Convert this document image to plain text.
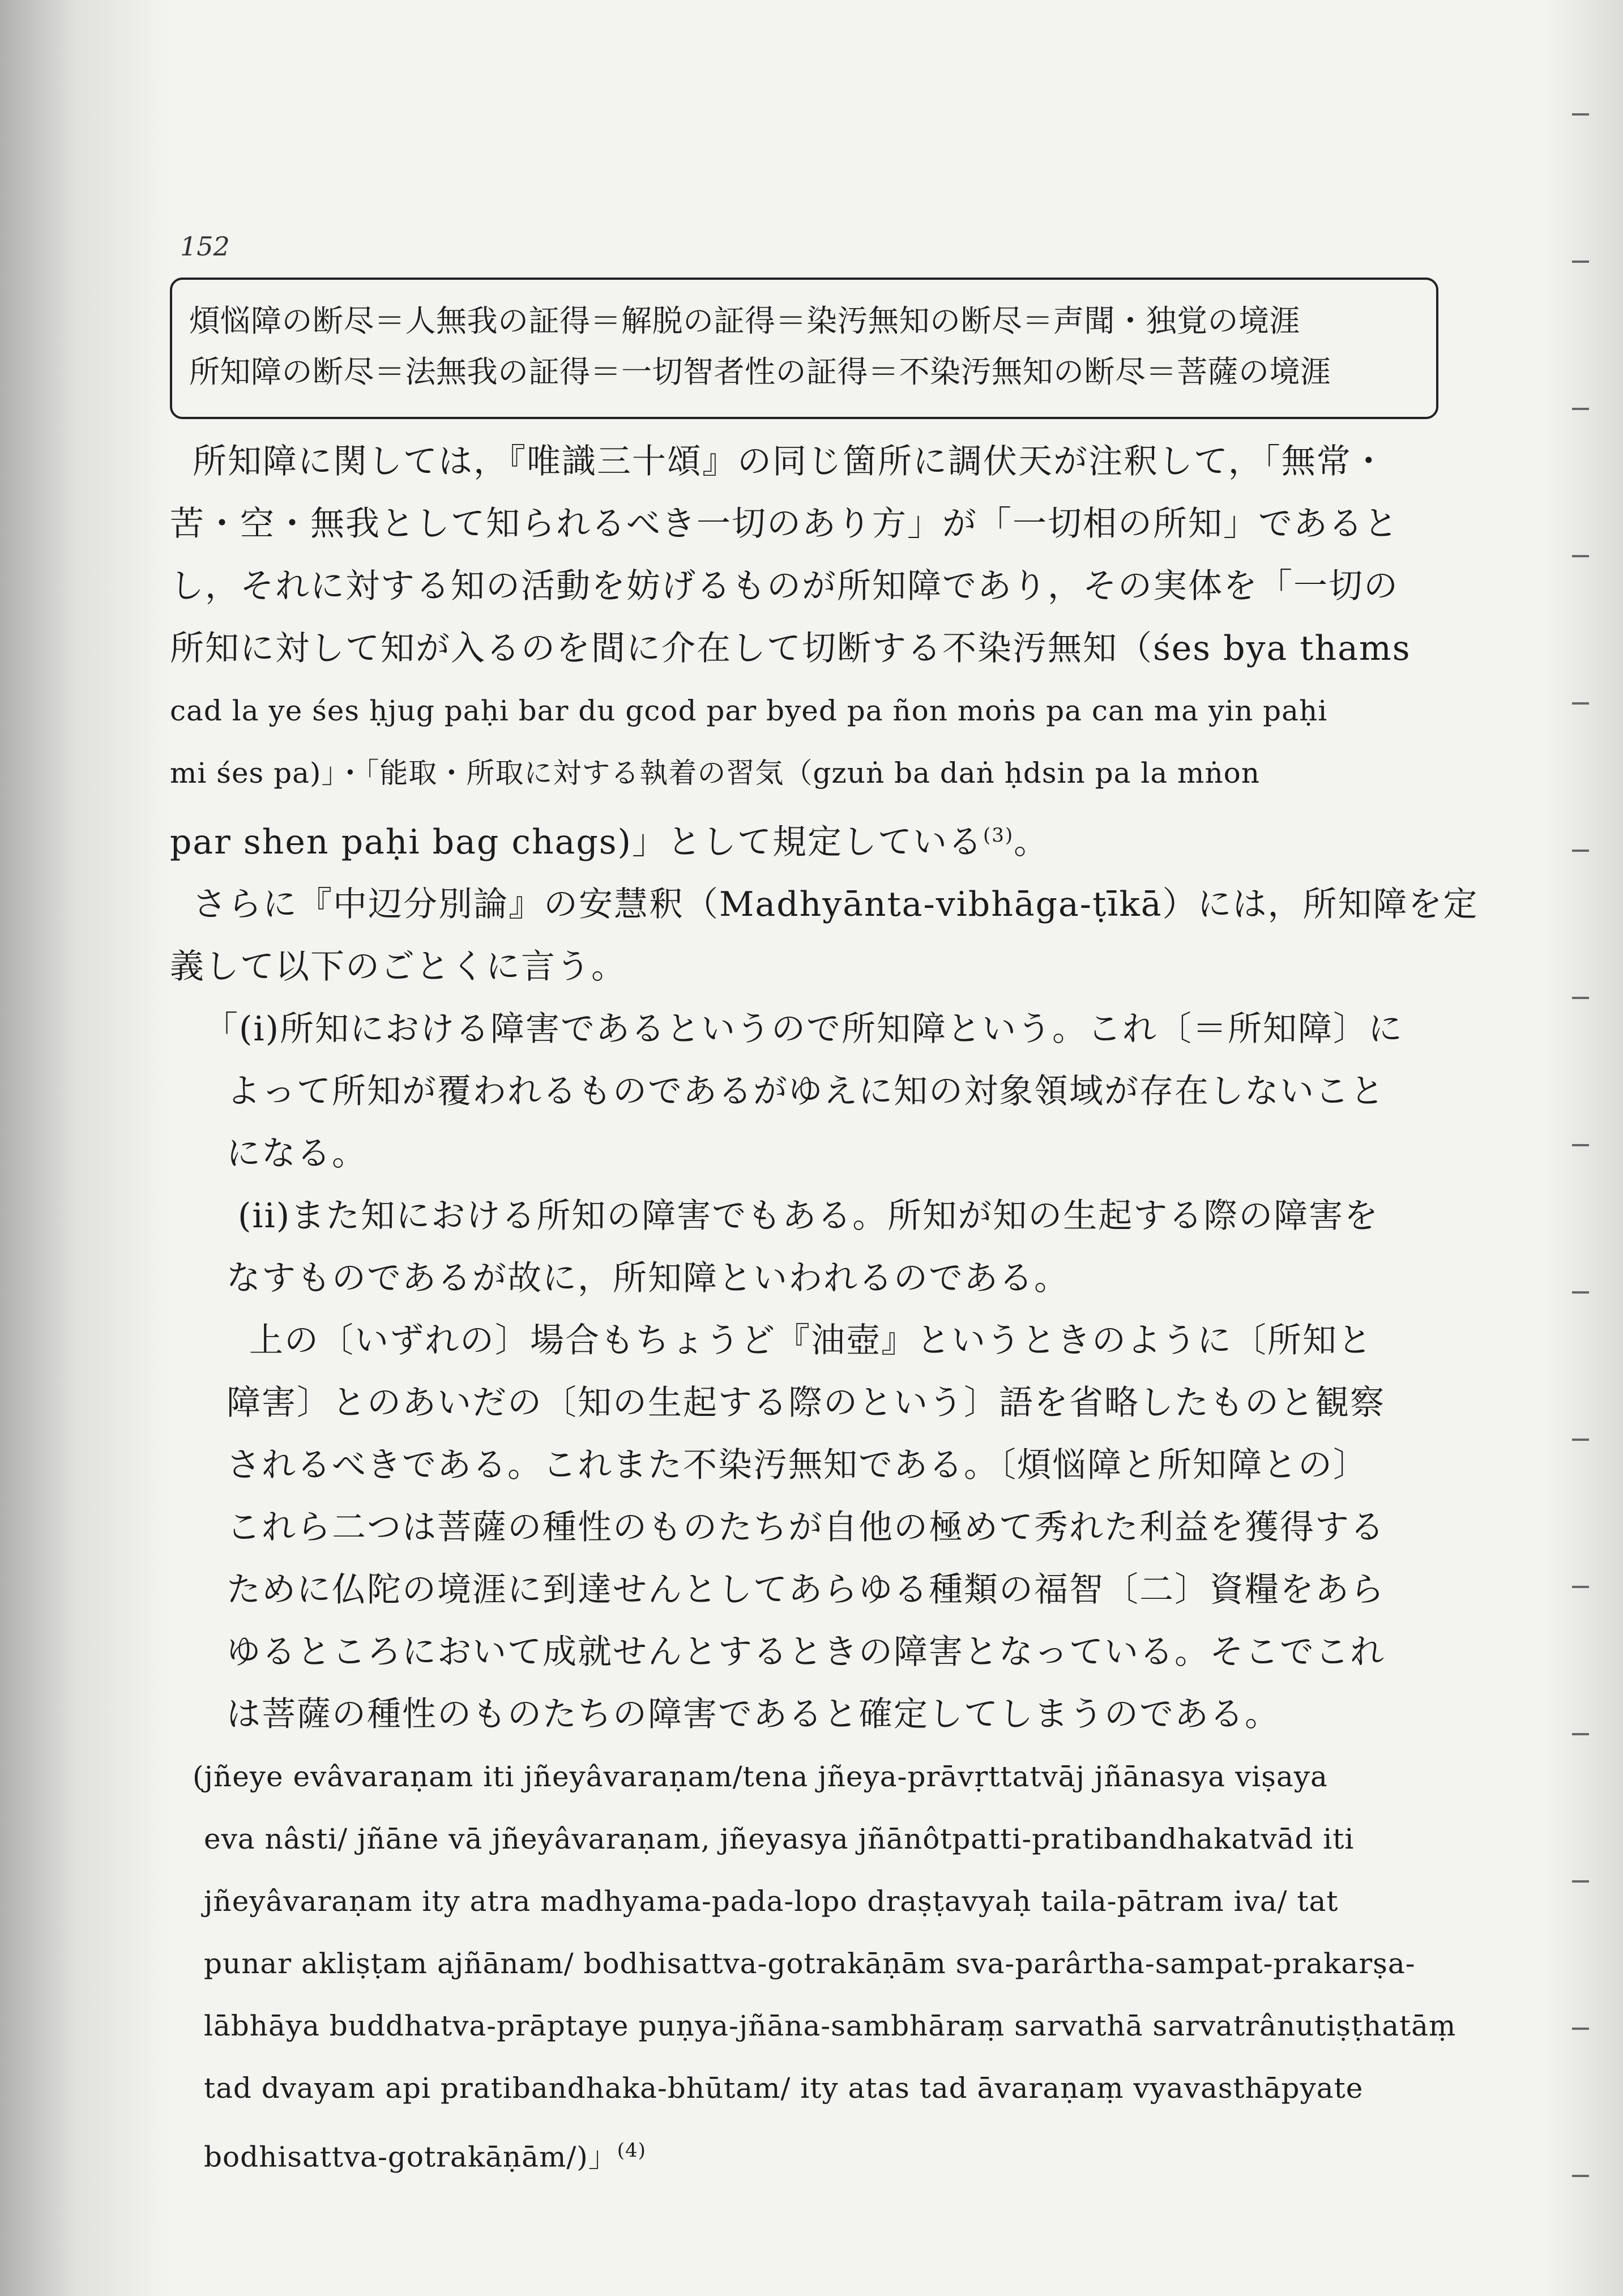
152
煩悩障の断尽＝人無我の証得＝解脱の証得＝染汚無知の断尽＝声聞・独覚の境涯
所知障の断尽＝法無我の証得＝一切智者性の証得＝不染汚無知の断尽＝菩薩の境涯
所知障に関しては，『唯識三十頌』の同じ箇所に調伏天が注釈して，「無常・
苦・空・無我として知られるべき一切のあり方」が「一切相の所知」であると
し，それに対する知の活動を妨げるものが所知障であり，その実体を「一切の
所知に対して知が入るのを間に介在して切断する不染汚無知（śes bya thams
cad la ye śes ḥjug paḥi bar du gcod par byed pa ñon moṅs pa can ma yin paḥi
mi śes pa)」・「能取・所取に対する執着の習気（gzuṅ ba daṅ ḥdsin pa la mṅon
par shen paḥi bag chags)」として規定している$^{(3)}$。
さらに『中辺分別論』の安慧釈（Madhyānta-vibhāga-ṭīkā）には，所知障を定
義して以下のごとくに言う。
「(i)所知における障害であるというので所知障という。これ〔＝所知障〕に
よって所知が覆われるものであるがゆえに知の対象領域が存在しないこと
になる。
(ii)また知における所知の障害でもある。所知が知の生起する際の障害を
なすものであるが故に，所知障といわれるのである。
上の〔いずれの〕場合もちょうど『油壺』というときのように〔所知と
障害〕とのあいだの〔知の生起する際のという〕語を省略したものと観察
されるべきである。これまた不染汚無知である。〔煩悩障と所知障との〕
これら二つは菩薩の種性のものたちが自他の極めて秀れた利益を獲得する
ために仏陀の境涯に到達せんとしてあらゆる種類の福智〔二〕資糧をあら
ゆるところにおいて成就せんとするときの障害となっている。そこでこれ
は菩薩の種性のものたちの障害であると確定してしまうのである。
(jñeye evâvaraṇam iti jñeyâvaraṇam/tena jñeya-prāvṛttatvāj jñānasya viṣaya
eva nâsti/ jñāne vā jñeyâvaraṇam, jñeyasya jñānôtpatti-pratibandhakatvād iti
jñeyâvaraṇam ity atra madhyama-pada-lopo draṣṭavyaḥ taila-pātram iva/ tat
punar akliṣṭam ajñānam/ bodhisattva-gotrakāṇām sva-parârtha-sampat-prakarṣa-
lābhāya buddhatva-prāptaye puṇya-jñāna-sambhāraṃ sarvathā sarvatrânutiṣṭhatāṃ
tad dvayam api pratibandhaka-bhūtam/ ity atas tad āvaraṇaṃ vyavasthāpyate
bodhisattva-gotrakāṇām/)」$^{(4)}$
